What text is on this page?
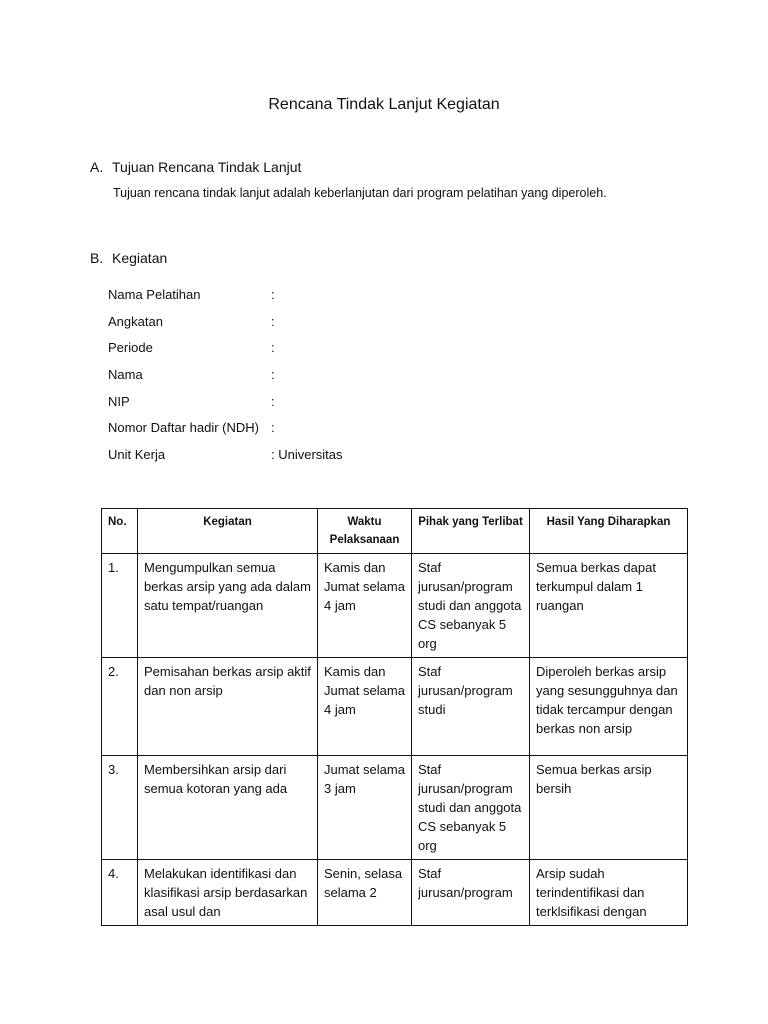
Rencana Tindak Lanjut Kegiatan
A. Tujuan Rencana Tindak Lanjut
Tujuan rencana tindak lanjut adalah keberlanjutan dari program pelatihan yang diperoleh.
B. Kegiatan
Nama Pelatihan	:
Angkatan	:
Periode	:
Nama	:
NIP	:
Nomor Daftar hadir (NDH) :
Unit Kerja	: Universitas
No.	Kegiatan	Waktu Pelaksanaan	Pihak yang Terlibat	Hasil Yang Diharapkan
1.	Mengumpulkan semua berkas arsip yang ada dalam satu tempat/ruangan	Kamis dan Jumat selama 4 jam	Staf jurusan/program studi dan anggota CS sebanyak 5 org	Semua berkas dapat terkumpul dalam 1 ruangan
2.	Pemisahan berkas arsip aktif dan non arsip	Kamis dan Jumat selama 4 jam	Staf jurusan/program studi	Diperoleh berkas arsip yang sesungguhnya dan tidak tercampur dengan berkas non arsip
3.	Membersihkan arsip dari semua kotoran yang ada	Jumat selama 3 jam	Staf jurusan/program studi dan anggota CS sebanyak 5 org	Semua berkas arsip bersih

4.	Melakukan identifikasi dan klasifikasi arsip berdasarkan asal usul dan	Senin, selasa selama 2	Staf jurusan/program	Arsip sudah terindentifikasi dan terklsifikasi dengan
